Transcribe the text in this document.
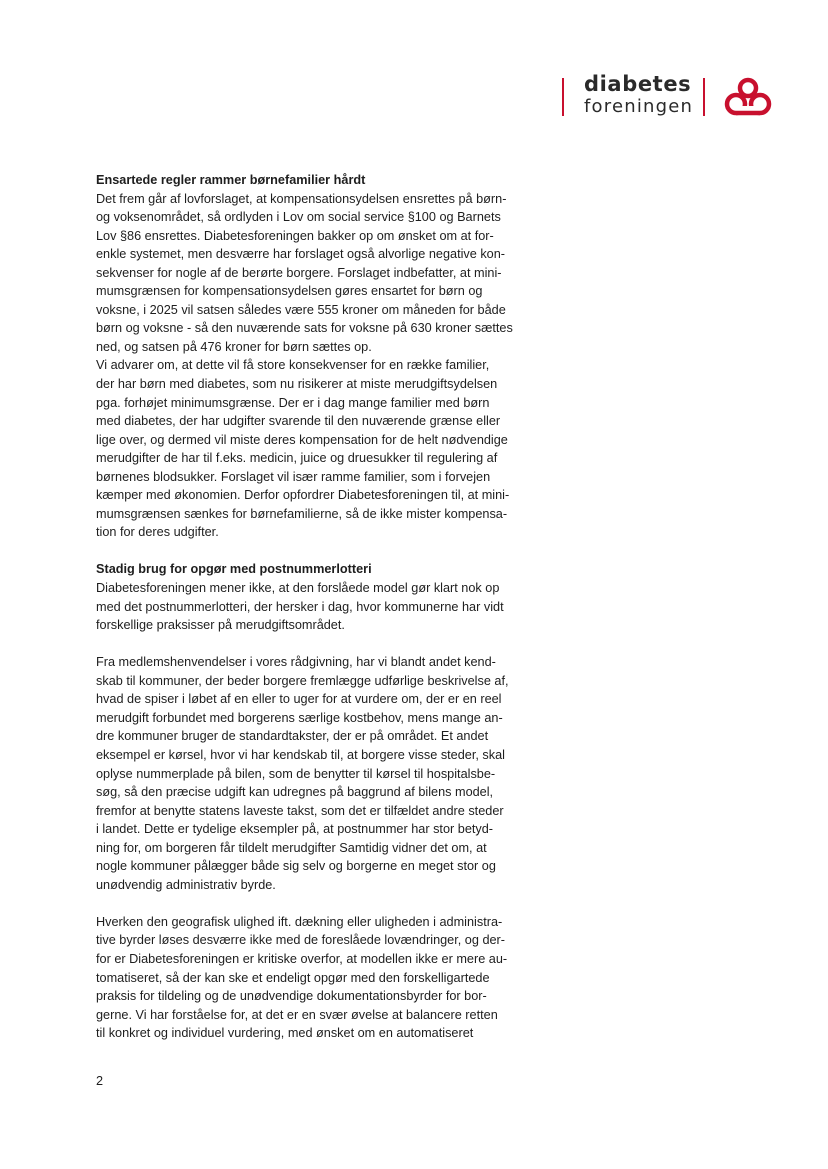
diabetes
foreningen
Ensartede regler rammer børnefamilier hårdt

Det frem går af lovforslaget, at kompensationsydelsen ensrettes på børn-

og voksenområdet, så ordlyden i Lov om social service §100 og Barnets

Lov §86 ensrettes. Diabetesforeningen bakker op om ønsket om at for-

enkle systemet, men desværre har forslaget også alvorlige negative kon-

sekvenser for nogle af de berørte borgere. Forslaget indbefatter, at mini-

mumsgrænsen for kompensationsydelsen gøres ensartet for børn og

voksne, i 2025 vil satsen således være 555 kroner om måneden for både

børn og voksne - så den nuværende sats for voksne på 630 kroner sættes

ned, og satsen på 476 kroner for børn sættes op.

Vi advarer om, at dette vil få store konsekvenser for en række familier,

der har børn med diabetes, som nu risikerer at miste merudgiftsydelsen

pga. forhøjet minimumsgrænse. Der er i dag mange familier med børn

med diabetes, der har udgifter svarende til den nuværende grænse eller

lige over, og dermed vil miste deres kompensation for de helt nødvendige

merudgifter de har til f.eks. medicin, juice og druesukker til regulering af

børnenes blodsukker. Forslaget vil især ramme familier, som i forvejen

kæmper med økonomien. Derfor opfordrer Diabetesforeningen til, at mini-

mumsgrænsen sænkes for børnefamilierne, så de ikke mister kompensa-

tion for deres udgifter.

Stadig brug for opgør med postnummerlotteri

Diabetesforeningen mener ikke, at den forslåede model gør klart nok op

med det postnummerlotteri, der hersker i dag, hvor kommunerne har vidt

forskellige praksisser på merudgiftsområdet.

Fra medlemshenvendelser i vores rådgivning, har vi blandt andet kend-

skab til kommuner, der beder borgere fremlægge udførlige beskrivelse af,

hvad de spiser i løbet af en eller to uger for at vurdere om, der er en reel

merudgift forbundet med borgerens særlige kostbehov, mens mange an-

dre kommuner bruger de standardtakster, der er på området. Et andet

eksempel er kørsel, hvor vi har kendskab til, at borgere visse steder, skal

oplyse nummerplade på bilen, som de benytter til kørsel til hospitalsbe-

søg, så den præcise udgift kan udregnes på baggrund af bilens model,

fremfor at benytte statens laveste takst, som det er tilfældet andre steder

i landet. Dette er tydelige eksempler på, at postnummer har stor betyd-

ning for, om borgeren får tildelt merudgifter Samtidig vidner det om, at

nogle kommuner pålægger både sig selv og borgerne en meget stor og

unødvendig administrativ byrde.

Hverken den geografisk ulighed ift. dækning eller uligheden i administra-

tive byrder løses desværre ikke med de foreslåede lovændringer, og der-

for er Diabetesforeningen er kritiske overfor, at modellen ikke er mere au-

tomatiseret, så der kan ske et endeligt opgør med den forskelligartede

praksis for tildeling og de unødvendige dokumentationsbyrder for bor-

gerne. Vi har forståelse for, at det er en svær øvelse at balancere retten

til konkret og individuel vurdering, med ønsket om en automatiseret

2
